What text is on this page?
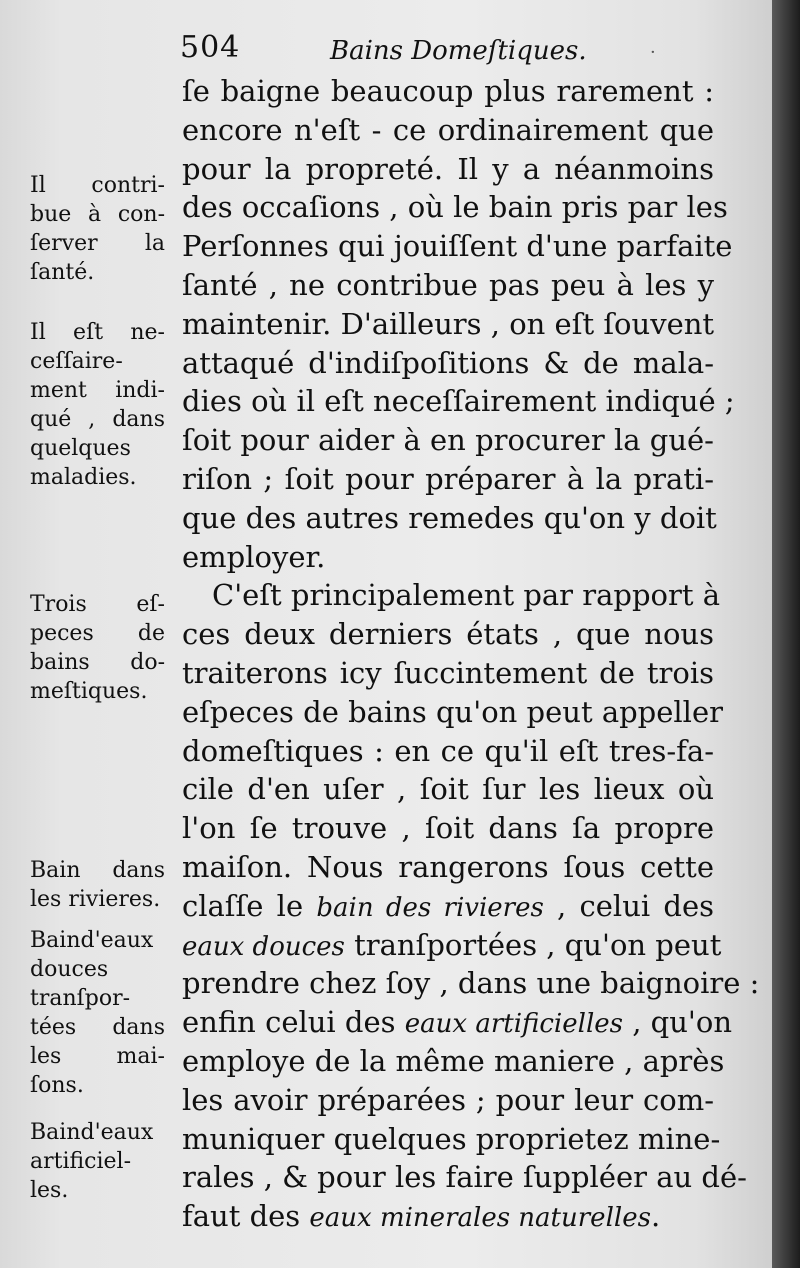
504	Bains Domeſtiques.	·
ſe baigne beaucoup plus rarement :
encore n'eſt - ce ordinairement que
pour la propreté. Il y a néanmoins
des occaſions , où le bain pris par les
Perſonnes qui jouiſſent d'une parfaite
ſanté , ne contribue pas peu à les y
maintenir. D'ailleurs , on eſt ſouvent
attaqué d'indiſpoſitions & de mala-
dies où il eſt neceſſairement indiqué ;
ſoit pour aider à en procurer la gué-
riſon ; ſoit pour préparer à la prati-
que des autres remedes qu'on y doit
employer.
C'eſt principalement par rapport à
ces deux derniers états , que nous
traiterons icy ſuccintement de trois
eſpeces de bains qu'on peut appeller
domeſtiques : en ce qu'il eſt tres-fa-
cile d'en uſer , ſoit ſur les lieux où
l'on ſe trouve , ſoit dans ſa propre
maiſon. Nous rangerons ſous cette
claſſe le bain des rivieres , celui des
eaux douces tranſportées , qu'on peut
prendre chez ſoy , dans une baignoire :
enfin celui des eaux artificielles , qu'on
employe de la même maniere , après
les avoir préparées ; pour leur com-
muniquer quelques proprietez mine-
rales , & pour les faire ſuppléer au dé-
faut des eaux minerales naturelles.
Il contri-
bue à con-
ſerver la
ſanté.
Il eſt ne-
ceſſaire-
ment indi-
qué , dans
quelques
maladies.
Trois eſ-
peces de
bains do-
meſtiques.
Bain dans
les rivieres.
Baind'eaux
douces
tranſpor-
tées dans
les mai-
ſons.
Baind'eaux
artificiel-
les.
